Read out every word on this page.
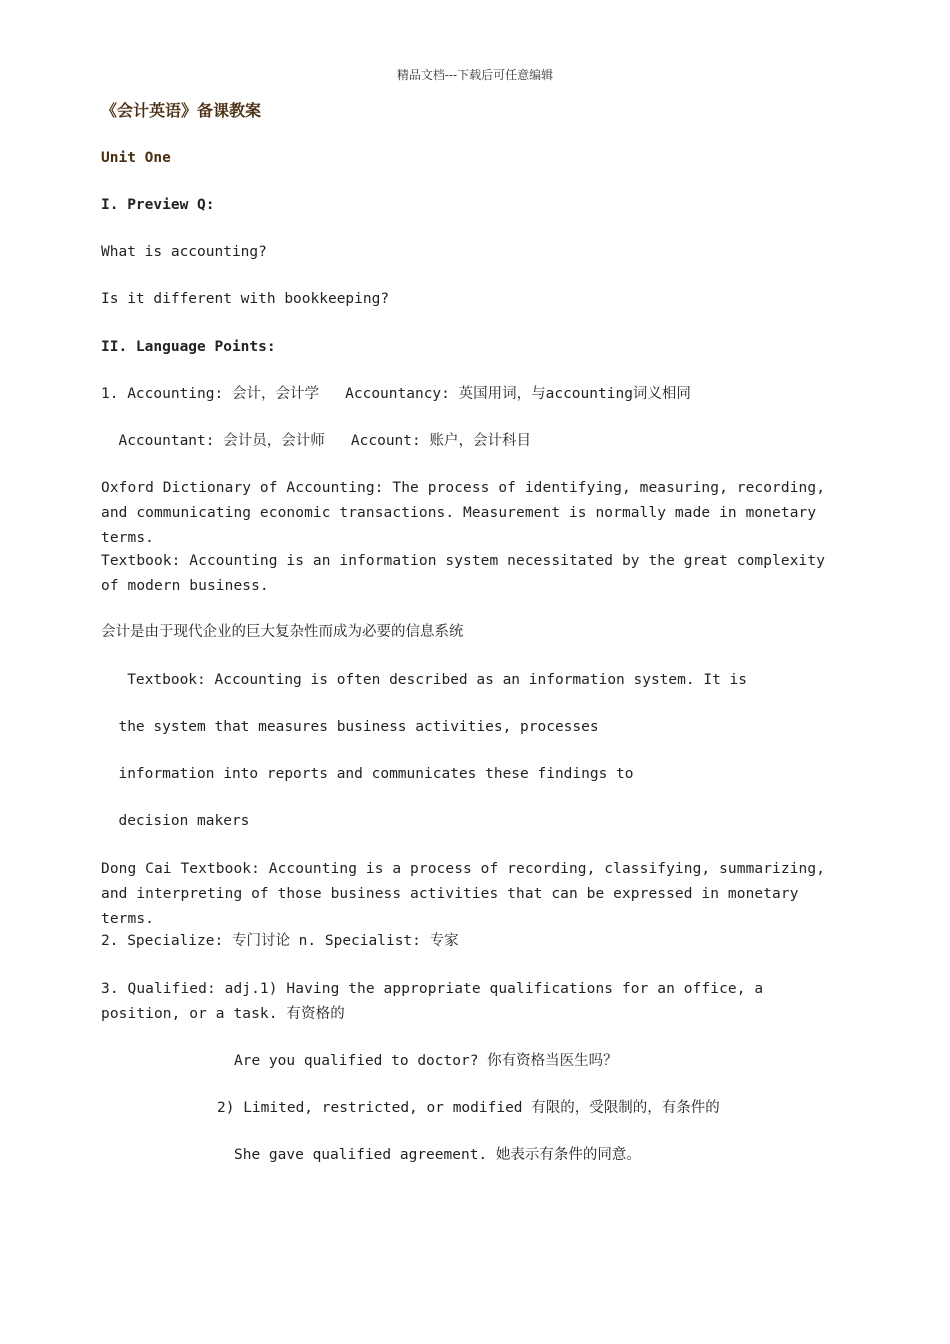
精品文档---下载后可任意编辑
《会计英语》备课教案
Unit One
I. Preview Q:
What is accounting?
Is it different with bookkeeping?
II. Language Points:
1. Accounting: 会计，会计学   Accountancy: 英国用词，与accounting词义相同
Accountant: 会计员，会计师   Account: 账户，会计科目
Oxford Dictionary of Accounting: The process of identifying, measuring, recording, and communicating economic transactions. Measurement is normally made in monetary terms.
Textbook: Accounting is an information system necessitated by the great complexity of modern business.
会计是由于现代企业的巨大复杂性而成为必要的信息系统
Textbook: Accounting is often described as an information system. It is
the system that measures business activities, processes
information into reports and communicates these findings to
decision makers
Dong Cai Textbook: Accounting is a process of recording, classifying, summarizing, and interpreting of those business activities that can be expressed in monetary terms.
2. Specialize: 专门讨论 n. Specialist: 专家
3. Qualified: adj.1) Having the appropriate qualifications for an office, a position, or a task. 有资格的
Are you qualified to doctor? 你有资格当医生吗？
2) Limited, restricted, or modified 有限的，受限制的，有条件的
She gave qualified agreement. 她表示有条件的同意。
